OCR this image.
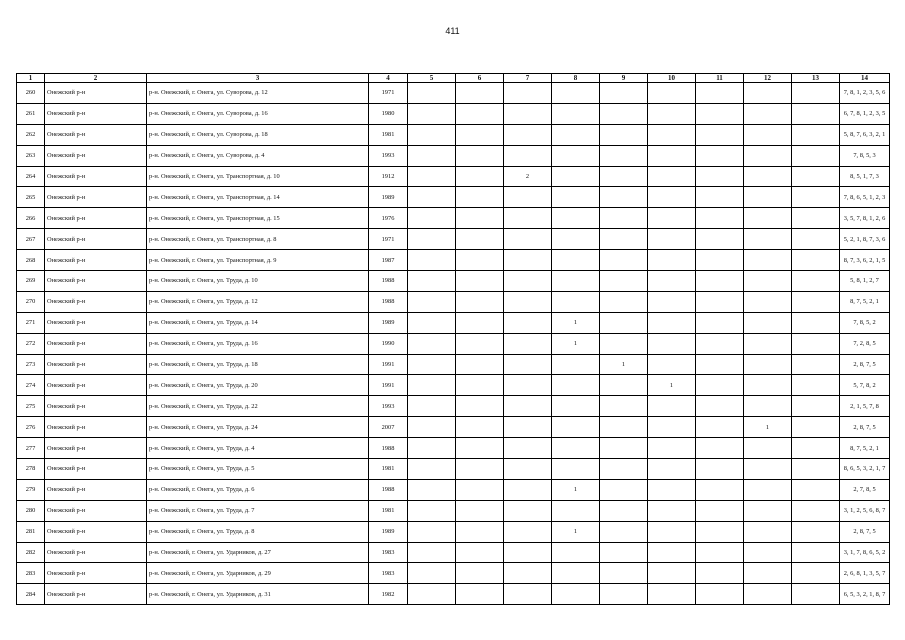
411
1	2	3	4	5	6	7	8	9	10	11	12	13	14
260	Онежский р-н	р-н. Онежский, г. Онега, ул. Суворова, д. 12	1971										7, 8, 1, 2, 3, 5, 6
261	Онежский р-н	р-н. Онежский, г. Онега, ул. Суворова, д. 16	1980										6, 7, 8, 1, 2, 3, 5
262	Онежский р-н	р-н. Онежский, г. Онега, ул. Суворова, д. 18	1981										5, 8, 7, 6, 3, 2, 1
263	Онежский р-н	р-н. Онежский, г. Онега, ул. Суворова, д. 4	1993										7, 8, 5, 3
264	Онежский р-н	р-н. Онежский, г. Онега, ул. Транспортная, д. 10	1912			2							8, 5, 1, 7, 3
265	Онежский р-н	р-н. Онежский, г. Онега, ул. Транспортная, д. 14	1989										7, 8, 6, 5, 1, 2, 3
266	Онежский р-н	р-н. Онежский, г. Онега, ул. Транспортная, д. 15	1976										3, 5, 7, 8, 1, 2, 6
267	Онежский р-н	р-н. Онежский, г. Онега, ул. Транспортная, д. 8	1971										5, 2, 1, 8, 7, 3, 6
268	Онежский р-н	р-н. Онежский, г. Онега, ул. Транспортная, д. 9	1987										8, 7, 3, 6, 2, 1, 5
269	Онежский р-н	р-н. Онежский, г. Онега, ул. Труда, д. 10	1988										5, 8, 1, 2, 7
270	Онежский р-н	р-н. Онежский, г. Онега, ул. Труда, д. 12	1988										8, 7, 5, 2, 1
271	Онежский р-н	р-н. Онежский, г. Онега, ул. Труда, д. 14	1989				1						7, 8, 5, 2
272	Онежский р-н	р-н. Онежский, г. Онега, ул. Труда, д. 16	1990				1						7, 2, 8, 5
273	Онежский р-н	р-н. Онежский, г. Онега, ул. Труда, д. 18	1991					1					2, 8, 7, 5
274	Онежский р-н	р-н. Онежский, г. Онега, ул. Труда, д. 20	1991						1				5, 7, 8, 2
275	Онежский р-н	р-н. Онежский, г. Онега, ул. Труда, д. 22	1993										2, 1, 5, 7, 8
276	Онежский р-н	р-н. Онежский, г. Онега, ул. Труда, д. 24	2007								1		2, 8, 7, 5
277	Онежский р-н	р-н. Онежский, г. Онега, ул. Труда, д. 4	1988										8, 7, 5, 2, 1
278	Онежский р-н	р-н. Онежский, г. Онега, ул. Труда, д. 5	1981										8, 6, 5, 3, 2, 1, 7
279	Онежский р-н	р-н. Онежский, г. Онега, ул. Труда, д. 6	1988				1						2, 7, 8, 5
280	Онежский р-н	р-н. Онежский, г. Онега, ул. Труда, д. 7	1981										3, 1, 2, 5, 6, 8, 7
281	Онежский р-н	р-н. Онежский, г. Онега, ул. Труда, д. 8	1989				1						2, 8, 7, 5
282	Онежский р-н	р-н. Онежский, г. Онега, ул. Ударников, д. 27	1983										3, 1, 7, 8, 6, 5, 2
283	Онежский р-н	р-н. Онежский, г. Онега, ул. Ударников, д. 29	1983										2, 6, 8, 1, 3, 5, 7
284	Онежский р-н	р-н. Онежский, г. Онега, ул. Ударников, д. 31	1982										6, 5, 3, 2, 1, 8, 7
